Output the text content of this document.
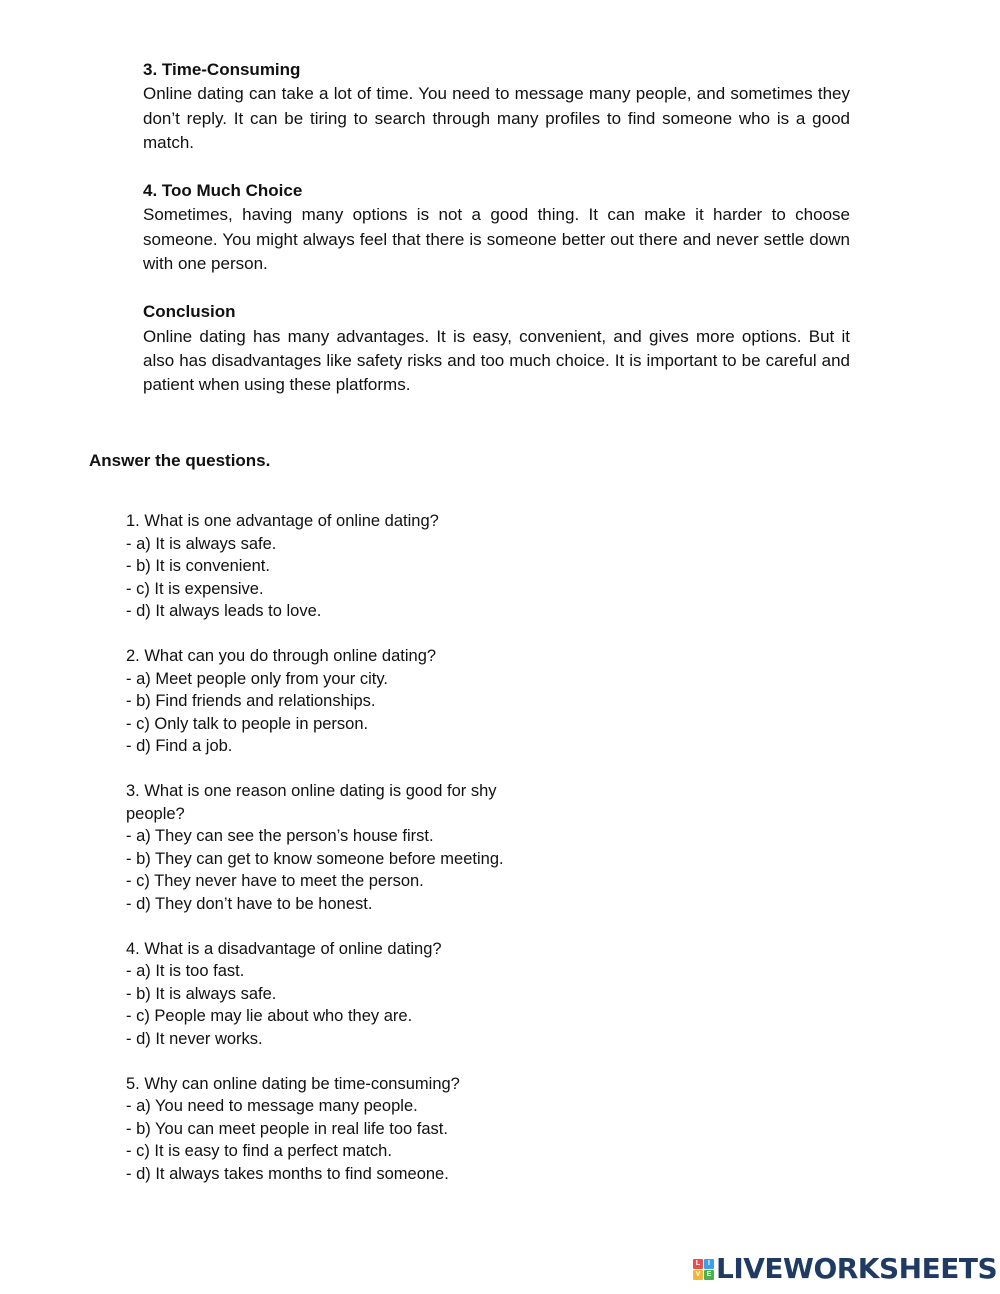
3. Time-Consuming

Online dating can take a lot of time. You need to message many people, and sometimes they don’t reply. It can be tiring to search through many profiles to find someone who is a good match.

4. Too Much Choice

Sometimes, having many options is not a good thing. It can make it harder to choose someone. You might always feel that there is someone better out there and never settle down with one person.

Conclusion

Online dating has many advantages. It is easy, convenient, and gives more options. But it also has disadvantages like safety risks and too much choice. It is important to be careful and patient when using these platforms.

Answer the questions.

1. What is one advantage of online dating?

- a) It is always safe.

- b) It is convenient.

- c) It is expensive.

- d) It always leads to love.

2. What can you do through online dating?

- a) Meet people only from your city.

- b) Find friends and relationships.

- c) Only talk to people in person.

- d) Find a job.

3. What is one reason online dating is good for shy people?

- a) They can see the person’s house first.

- b) They can get to know someone before meeting.

- c) They never have to meet the person.

- d) They don’t have to be honest.

4. What is a disadvantage of online dating?

- a) It is too fast.

- b) It is always safe.

- c) People may lie about who they are.

- d) It never works.

5. Why can online dating be time-consuming?

- a) You need to message many people.

- b) You can meet people in real life too fast.

- c) It is easy to find a perfect match.

- d) It always takes months to find someone.

L	I
V E LIVEWORKSHEETS
